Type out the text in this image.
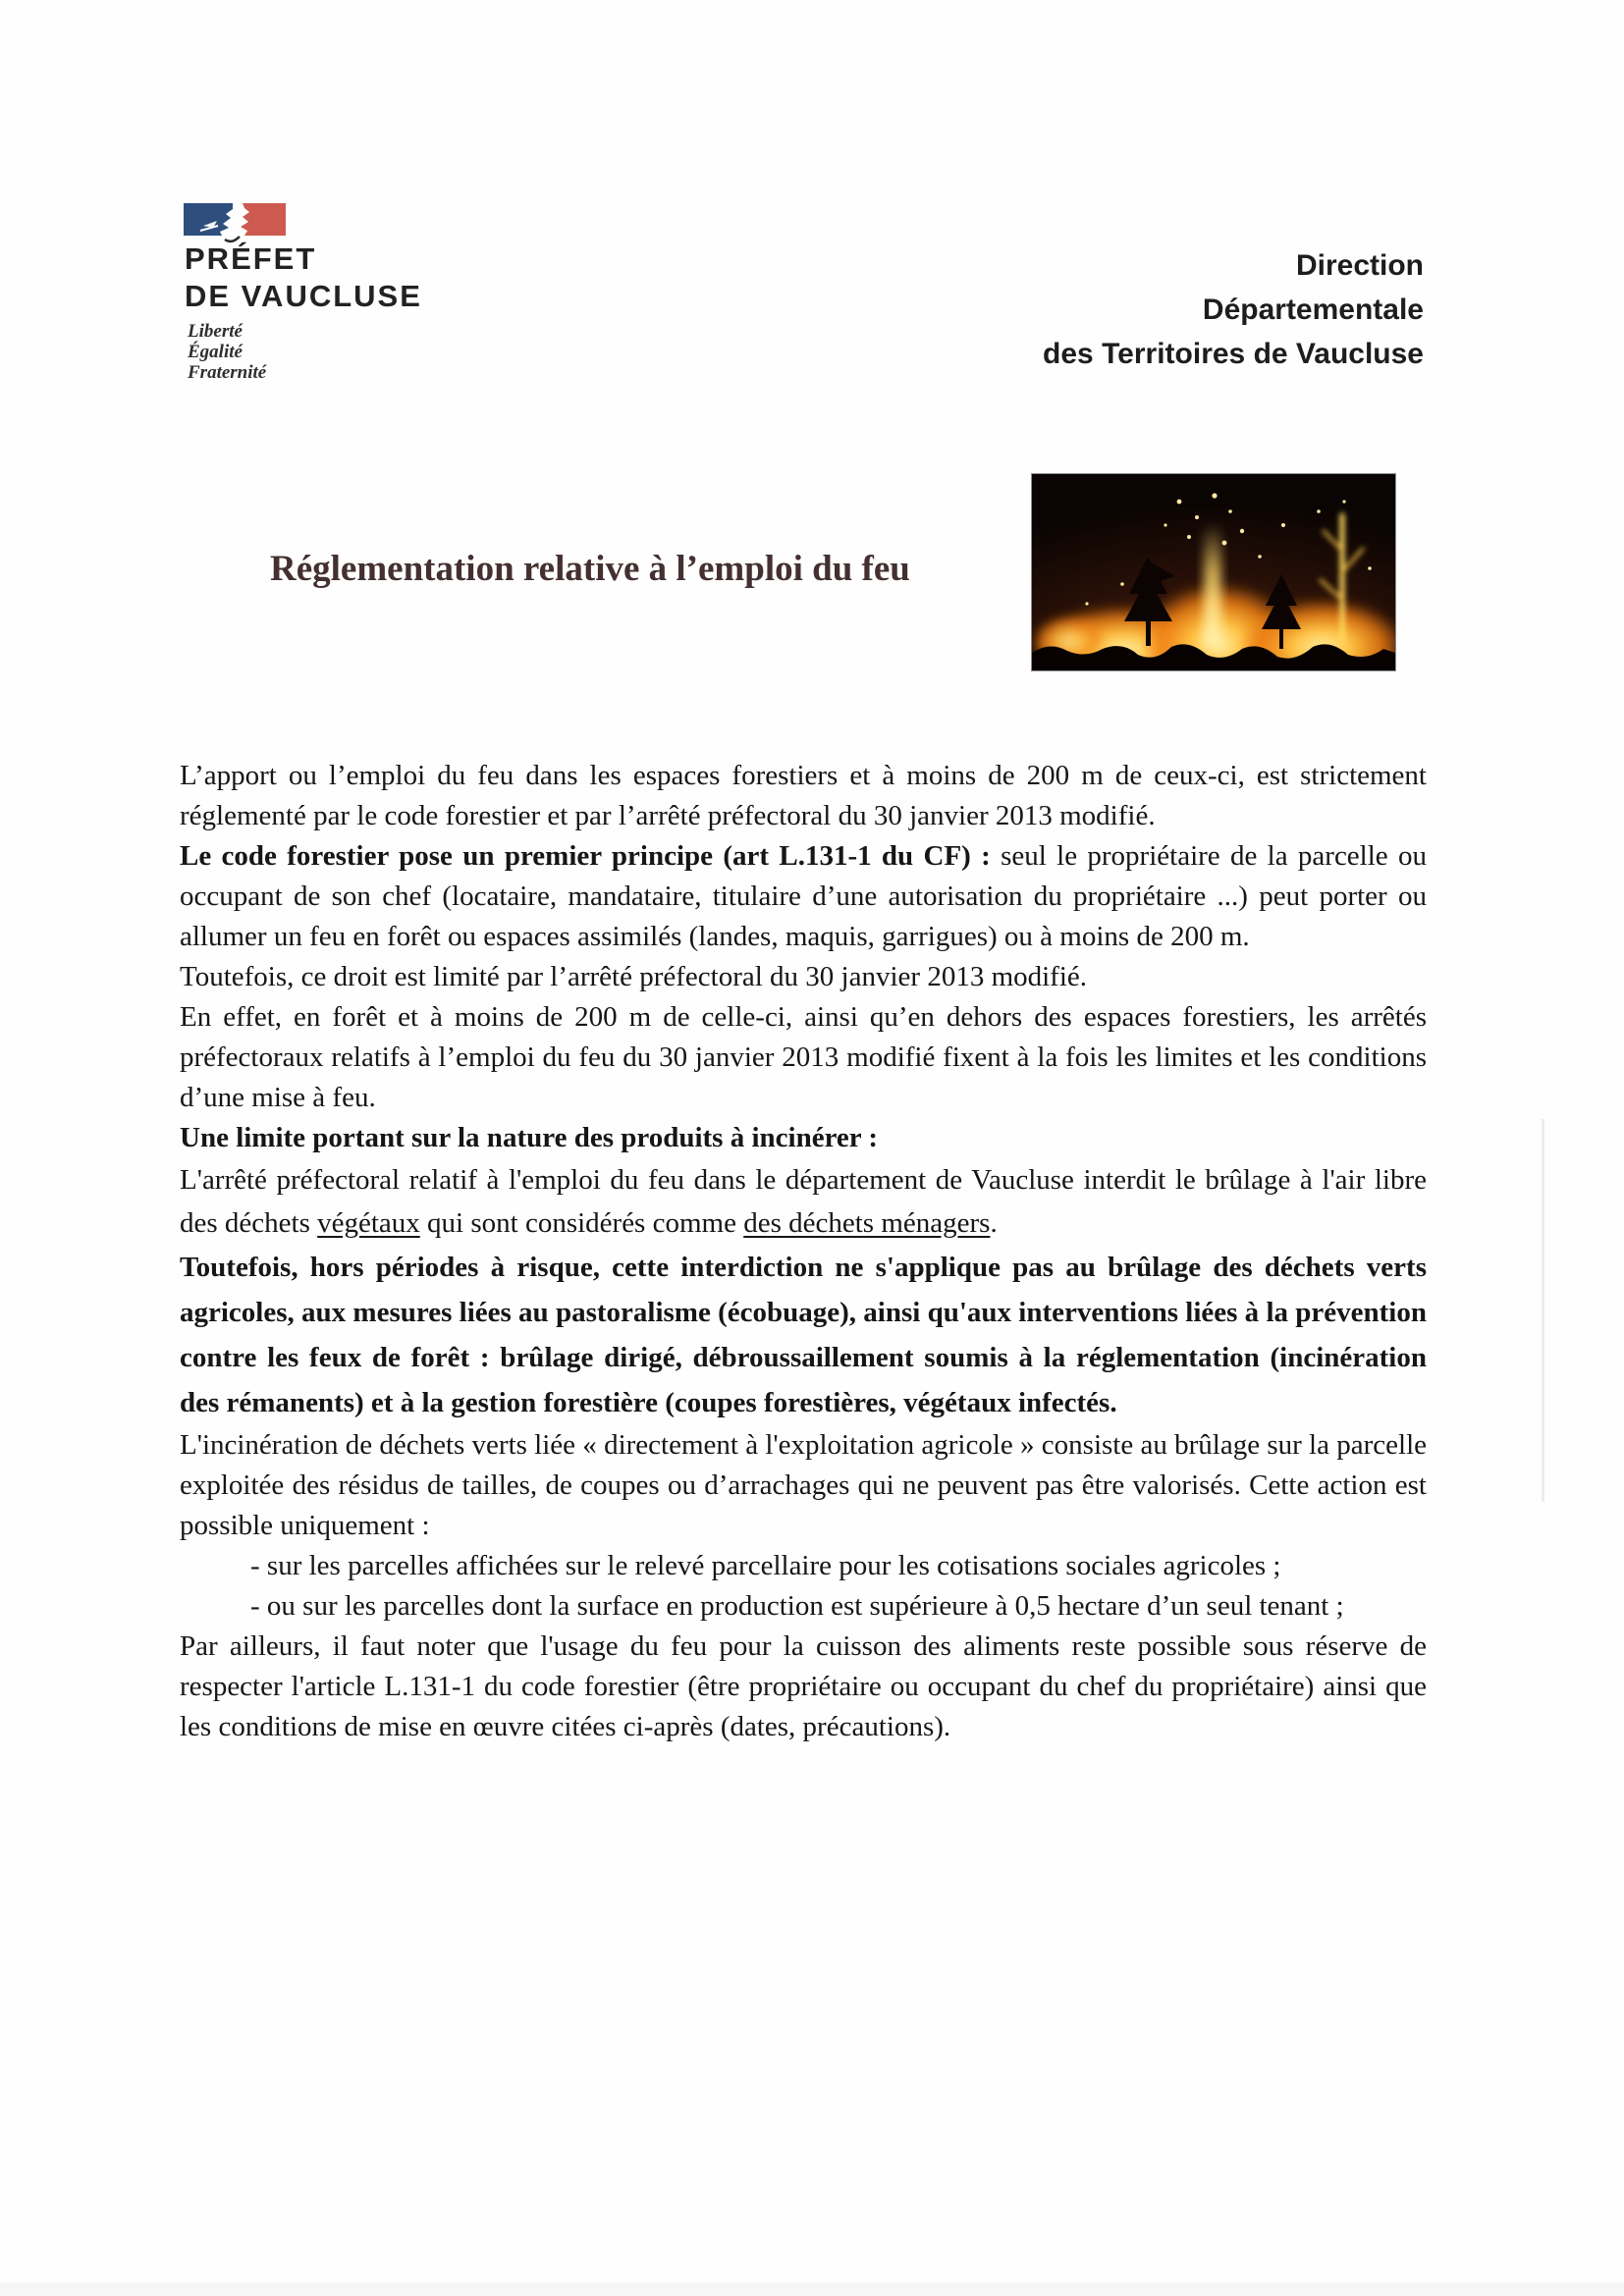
PRÉFET
DE VAUCLUSE
Liberté
Égalité
Fraternité
Direction
Départementale
des Territoires de Vaucluse
Réglementation relative à l’emploi du feu

L’apport ou l’emploi du feu dans les espaces forestiers et à moins de 200 m de ceux-ci, est strictement réglementé par le code forestier et par l’arrêté préfectoral du 30 janvier 2013 modifié.

Le code forestier pose un premier principe (art L.131-1 du CF) : seul le propriétaire de la parcelle ou occupant de son chef (locataire, mandataire, titulaire d’une autorisation du propriétaire ...) peut porter ou allumer un feu en forêt ou espaces assimilés (landes, maquis, garrigues) ou à moins de 200 m.

Toutefois, ce droit est limité par l’arrêté préfectoral du 30 janvier 2013 modifié.

En effet, en forêt et à moins de 200 m de celle-ci, ainsi qu’en dehors des espaces forestiers, les arrêtés préfectoraux relatifs à l’emploi du feu du 30 janvier 2013 modifié fixent à la fois les limites et les conditions d’une mise à feu.

Une limite portant sur la nature des produits à incinérer :

L'arrêté préfectoral relatif à l'emploi du feu dans le département de Vaucluse interdit le brûlage à l'air libre des déchets végétaux qui sont considérés comme des déchets ménagers.

Toutefois, hors périodes à risque, cette interdiction ne s'applique pas au brûlage des déchets verts agricoles, aux mesures liées au pastoralisme (écobuage), ainsi qu'aux interventions liées à la prévention contre les feux de forêt : brûlage dirigé, débroussaillement soumis à la réglementation (incinération des rémanents) et à la gestion forestière (coupes forestières, végétaux infectés.

L'incinération de déchets verts liée « directement à l'exploitation agricole » consiste au brûlage sur la parcelle exploitée des résidus de tailles, de coupes ou d’arrachages qui ne peuvent pas être valorisés. Cette action est possible uniquement :

- sur les parcelles affichées sur le relevé parcellaire pour les cotisations sociales agricoles ;

- ou sur les parcelles dont la surface en production est supérieure à 0,5 hectare d’un seul tenant ;

Par ailleurs, il faut noter que l'usage du feu pour la cuisson des aliments reste possible sous réserve de respecter l'article L.131-1 du code forestier (être propriétaire ou occupant du chef du propriétaire) ainsi que les conditions de mise en œuvre citées ci-après (dates, précautions).
